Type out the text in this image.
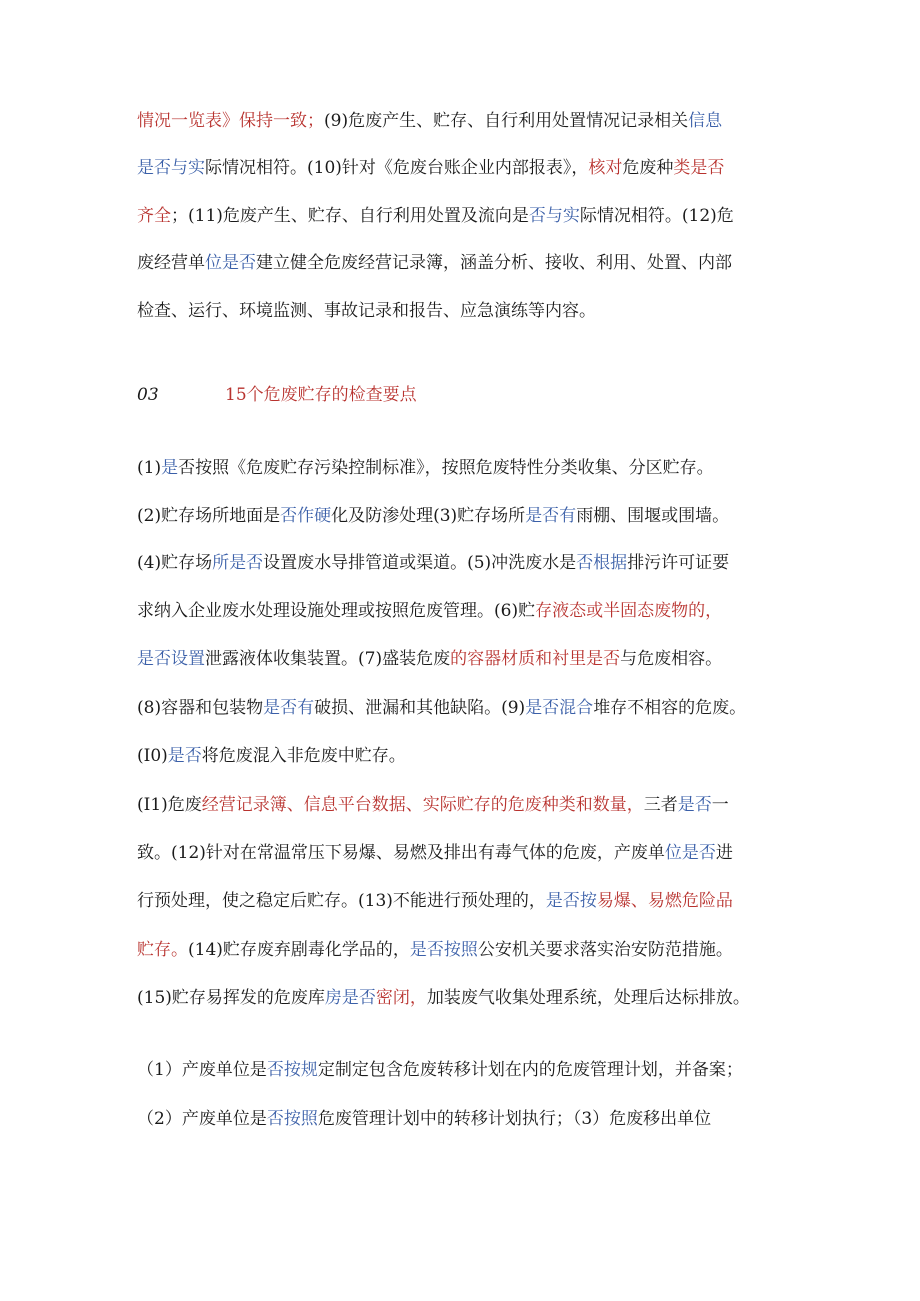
情况一览表》保持一致；(9)危废产生、贮存、自行利用处置情况记录相关信息

是否与实际情况相符。(10)针对《危废台账企业内部报表》，核对危废种类是否

齐全；(11)危废产生、贮存、自行利用处置及流向是否与实际情况相符。(12)危

废经营单位是否建立健全危废经营记录簿，涵盖分析、接收、利用、处置、内部

检查、运行、环境监测、事故记录和报告、应急演练等内容。

03	15个危废贮存的检查要点

(1)是否按照《危废贮存污染控制标准》，按照危废特性分类收集、分区贮存。

(2)贮存场所地面是否作硬化及防渗处理(3)贮存场所是否有雨棚、围堰或围墙。

(4)贮存场所是否设置废水导排管道或渠道。(5)冲洗废水是否根据排污许可证要

求纳入企业废水处理设施处理或按照危废管理。(6)贮存液态或半固态废物的，

是否设置泄露液体收集装置。(7)盛装危废的容器材质和衬里是否与危废相容。

(8)容器和包装物是否有破损、泄漏和其他缺陷。(9)是否混合堆存不相容的危废。

(I0)是否将危废混入非危废中贮存。

(I1)危废经营记录簿、信息平台数据、实际贮存的危废种类和数量，三者是否一

致。(12)针对在常温常压下易爆、易燃及排出有毒气体的危废，产废单位是否进

行预处理，使之稳定后贮存。(13)不能进行预处理的，是否按易爆、易燃危险品

贮存。(14)贮存废弃剧毒化学品的，是否按照公安机关要求落实治安防范措施。

(15)贮存易挥发的危废库房是否密闭，加装废气收集处理系统，处理后达标排放。

（1）产废单位是否按规定制定包含危废转移计划在内的危废管理计划，并备案；

（2）产废单位是否按照危废管理计划中的转移计划执行；（3）危废移出单位
